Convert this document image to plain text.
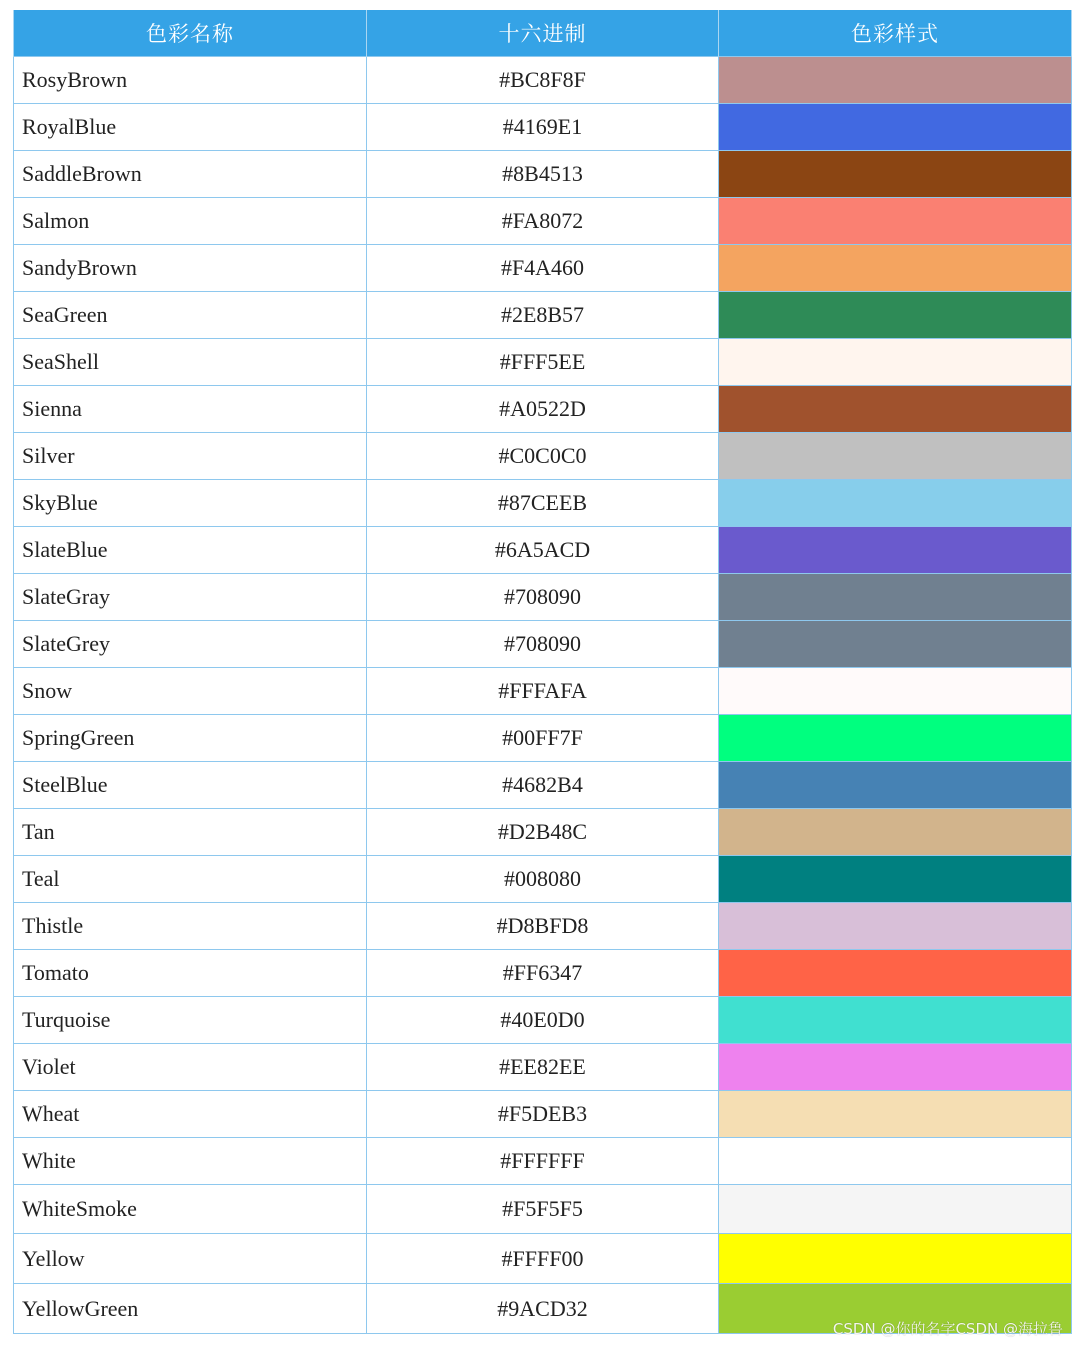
色彩名称	十六进制	色彩样式
RosyBrown	#BC8F8F	
RoyalBlue	#4169E1	
SaddleBrown	#8B4513	
Salmon	#FA8072	
SandyBrown	#F4A460	
SeaGreen	#2E8B57	
SeaShell	#FFF5EE	
Sienna	#A0522D	
Silver	#C0C0C0	
SkyBlue	#87CEEB	
SlateBlue	#6A5ACD	
SlateGray	#708090	
SlateGrey	#708090	
Snow	#FFFAFA	
SpringGreen	#00FF7F	
SteelBlue	#4682B4	
Tan	#D2B48C	
Teal	#008080	
Thistle	#D8BFD8	
Tomato	#FF6347	
Turquoise	#40E0D0	
Violet	#EE82EE	
Wheat	#F5DEB3	
White	#FFFFFF	
WhiteSmoke	#F5F5F5	
Yellow	#FFFF00	
YellowGreen	#9ACD32	
CSDN @你的名字CSDN @海拉鲁
